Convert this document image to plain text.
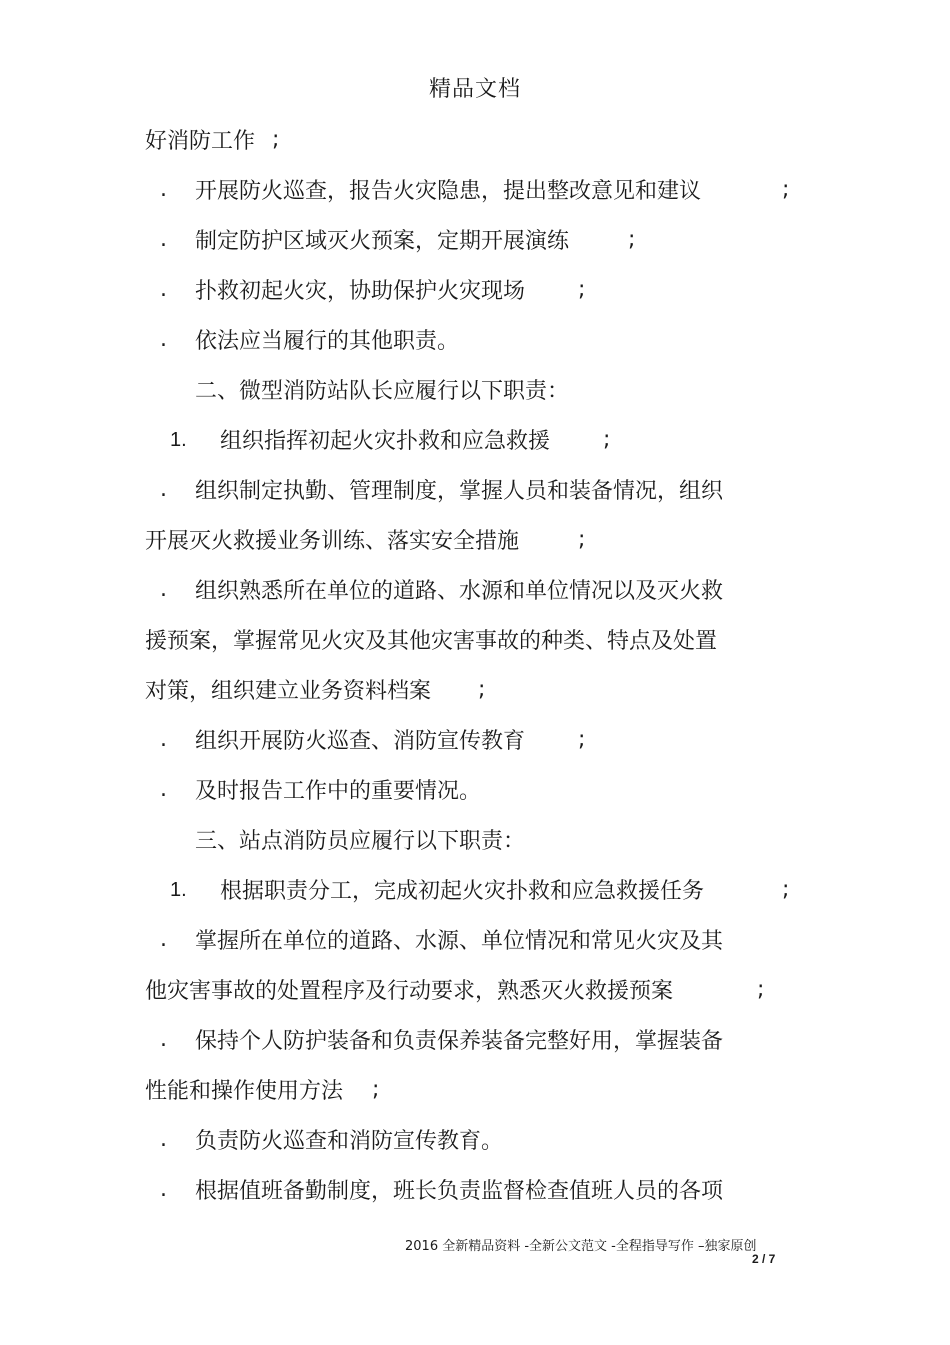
精品文档
好消防工作 ;
. 开展防火巡查，报告火灾隐患，提出整改意见和建议	;
. 制定防护区域灭火预案，定期开展演练	;
. 扑救初起火灾，协助保护火灾现场 ;
. 依法应当履行的其他职责。
二、微型消防站队长应履行以下职责：
1. 组织指挥初起火灾扑救和应急救援 ;
. 组织制定执勤、管理制度，掌握人员和装备情况，组织
开展灭火救援业务训练、落实安全措施	;
. 组织熟悉所在单位的道路、水源和单位情况以及灭火救
援预案，掌握常见火灾及其他灾害事故的种类、特点及处置
对策，组织建立业务资料档案 ;
. 组织开展防火巡查、消防宣传教育 ;
. 及时报告工作中的重要情况。
三、站点消防员应履行以下职责：
1. 根据职责分工，完成初起火灾扑救和应急救援任务	;
. 掌握所在单位的道路、水源、单位情况和常见火灾及其
他灾害事故的处置程序及行动要求，熟悉灭火救援预案	;
. 保持个人防护装备和负责保养装备完整好用，掌握装备
性能和操作使用方法 ;
. 负责防火巡查和消防宣传教育。
. 根据值班备勤制度，班长负责监督检查值班人员的各项
2016 全新精品资料 -全新公文范文 -全程指导写作 –独家原创
2 / 7
